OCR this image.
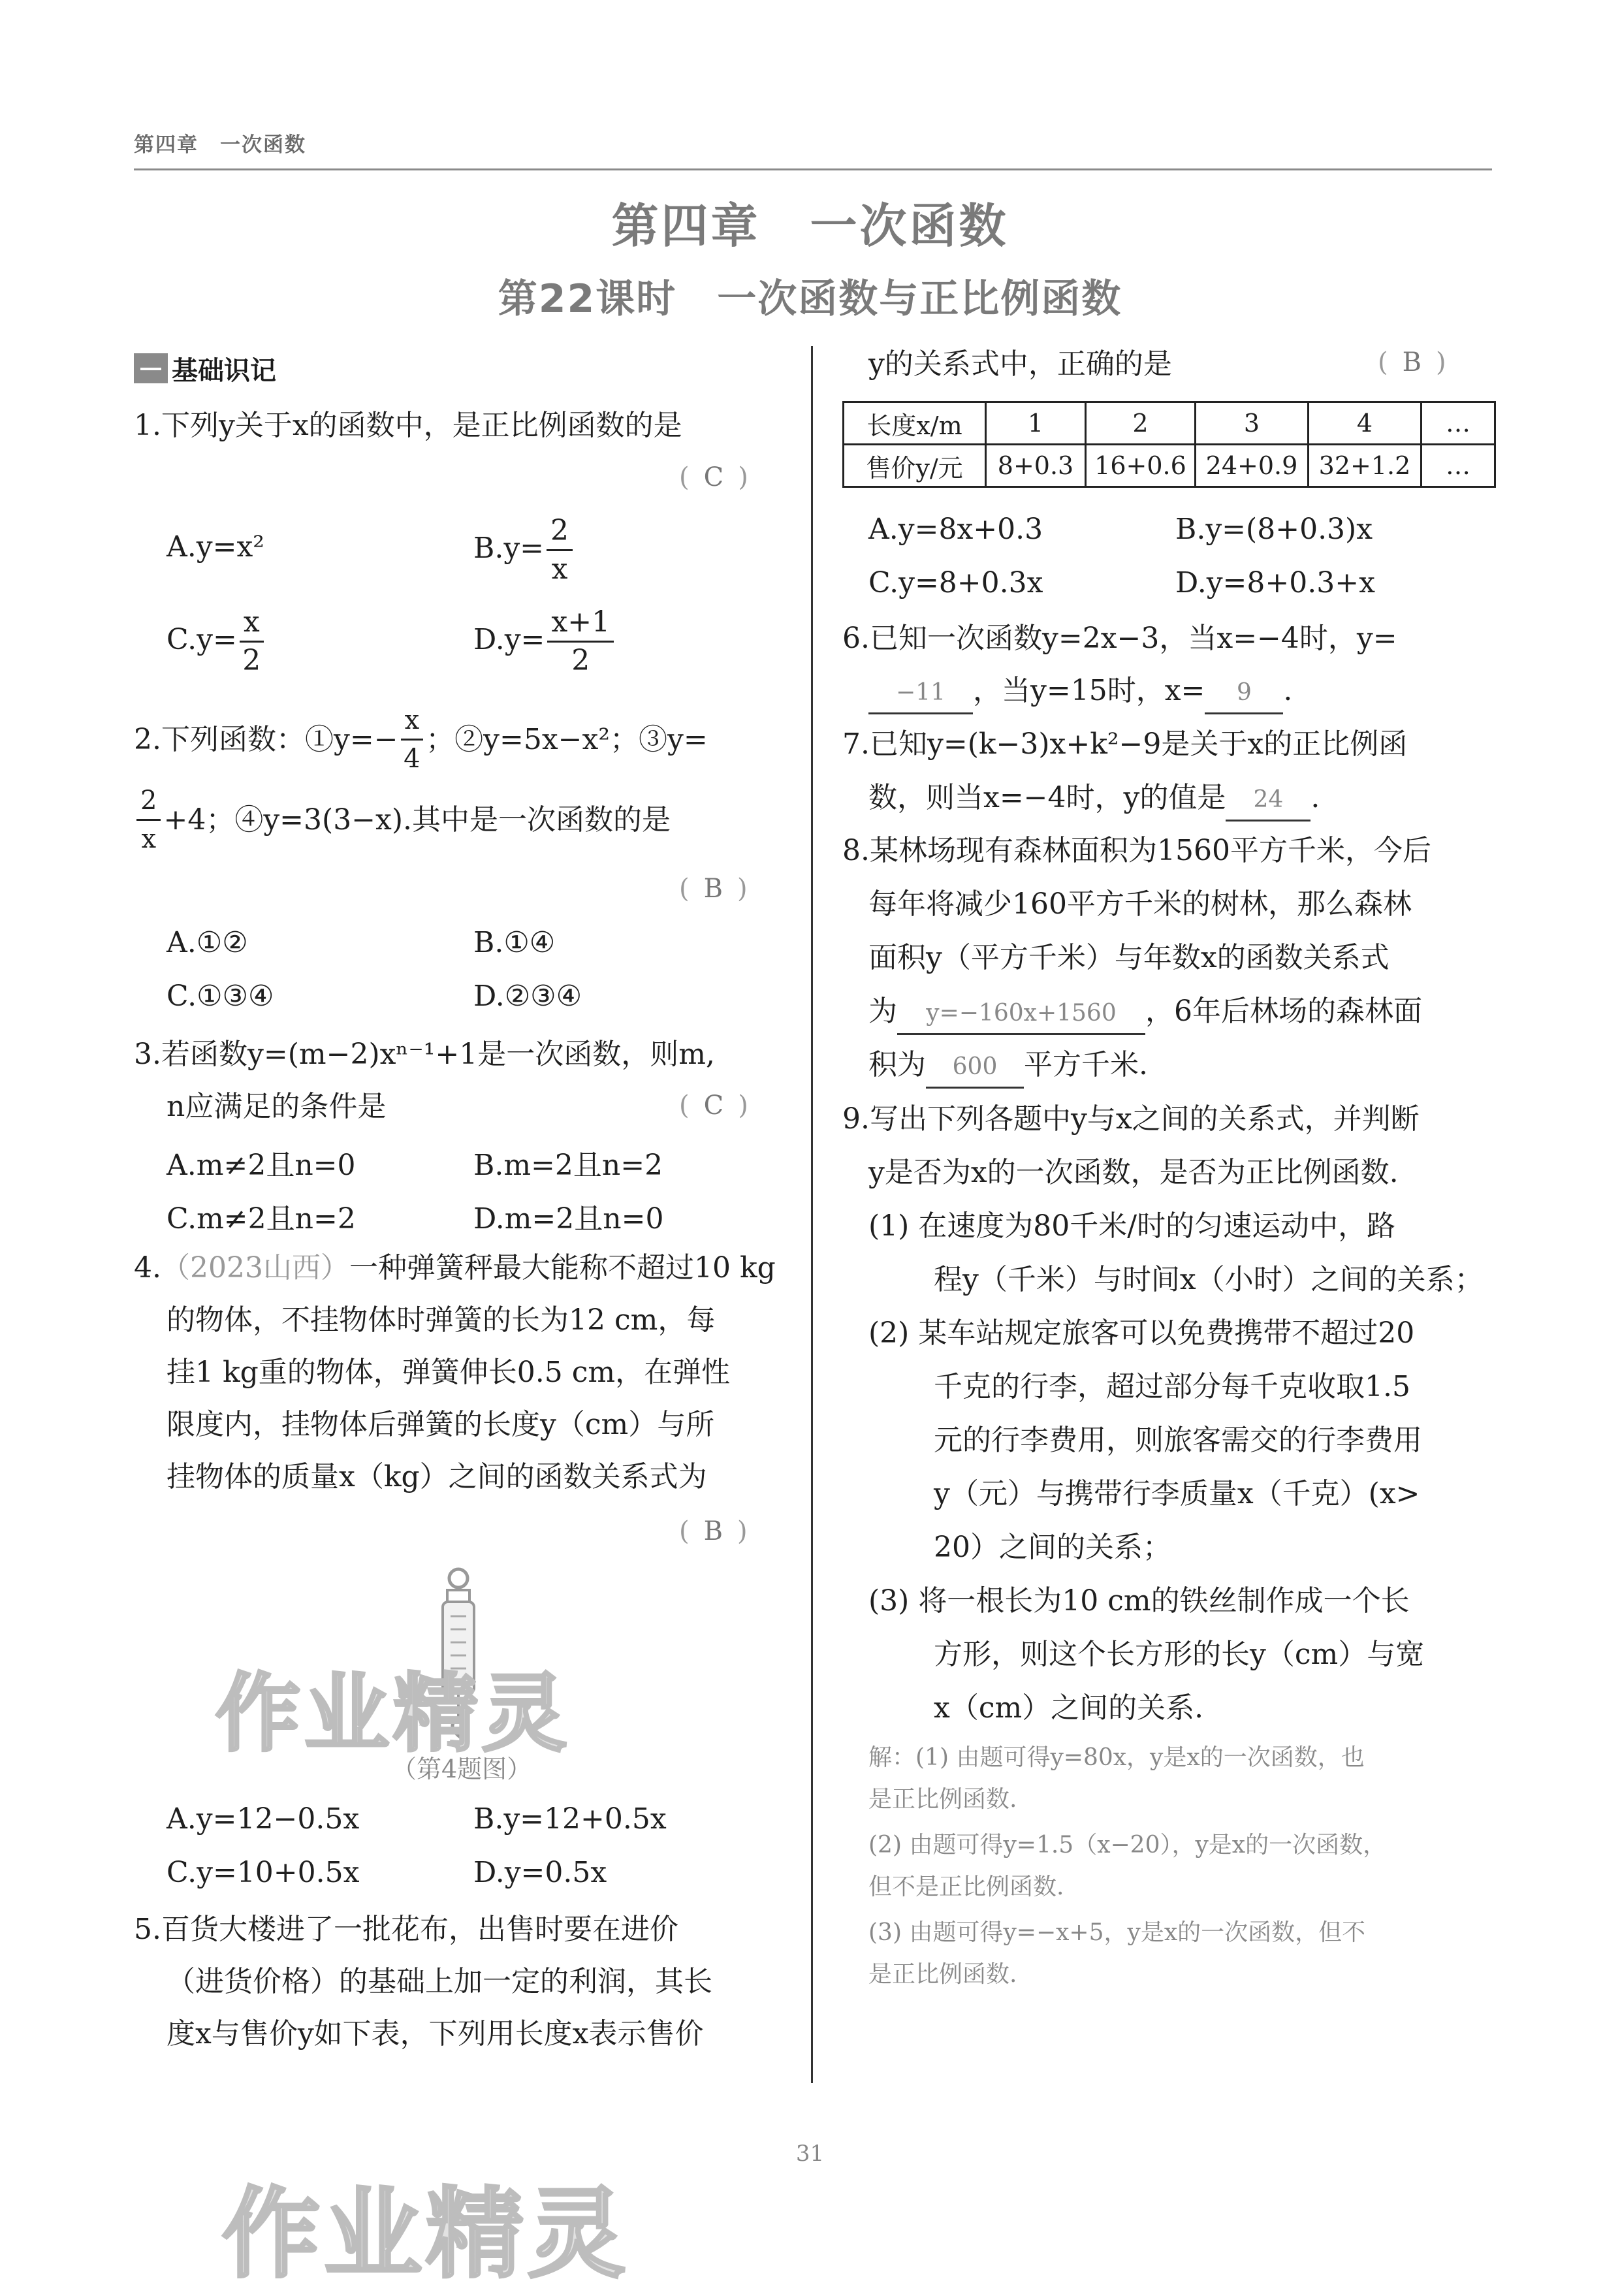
第四章　一次函数
第四章　一次函数
第22课时　一次函数与正比例函数
基础识记
1.下列y关于x的函数中，是正比例函数的是
( C )
A.y=x²	$B.y= \frac{2}{x}$
$C.y= \frac{x}{2}$	$D.y= \frac{x+1}{2}$
2.下列函数：①y=− $\frac{x}{4}$ ；②y=5x−x²；③y=
$\frac{2}{x} +4$；④y=3(3−x).其中是一次函数的是
( B )
A.①②	B.①④
C.①③④	D.②③④
3.若函数y=(m−2)xⁿ⁻¹+1是一次函数，则m,
n应满足的条件是	( C )
A.m≠2且n=0	B.m=2且n=2
C.m≠2且n=2	D.m=2且n=0
4.（2023山西）一种弹簧秤最大能称不超过10 kg
的物体，不挂物体时弹簧的长为12 cm，每
挂1 kg重的物体，弹簧伸长0.5 cm，在弹性
限度内，挂物体后弹簧的长度y（cm）与所
挂物体的质量x（kg）之间的函数关系式为
( B )
作业精灵
（第4题图）
A.y=12−0.5x	B.y=12+0.5x
C.y=10+0.5x	D.y=0.5x
5.百货大楼进了一批花布，出售时要在进价
（进货价格）的基础上加一定的利润，其长
度x与售价y如下表，下列用长度x表示售价
y的关系式中，正确的是	( B )
长度x/m	1	2	3	4	…
售价y/元	8+0.3	16+0.6	24+0.9	32+1.2	…
A.y=8x+0.3	B.y=(8+0.3)x
C.y=8+0.3x	D.y=8+0.3+x
6.已知一次函数y=2x−3，当x=−4时，y=
−11 ，当y=15时，x= 9 .
7.已知y=(k−3)x+k²−9是关于x的正比例函
数，则当x=−4时，y的值是 24 .
8.某林场现有森林面积为1560平方千米，今后
每年将减少160平方千米的树林，那么森林
面积y（平方千米）与年数x的函数关系式
为 y=−160x+1560 ，6年后林场的森林面
积为 600 平方千米.
9.写出下列各题中y与x之间的关系式，并判断
y是否为x的一次函数，是否为正比例函数.
(1) 在速度为80千米/时的匀速运动中，路
程y（千米）与时间x（小时）之间的关系；
(2) 某车站规定旅客可以免费携带不超过20
千克的行李，超过部分每千克收取1.5
元的行李费用，则旅客需交的行李费用
y（元）与携带行李质量x（千克）(x>
20）之间的关系；
(3) 将一根长为10 cm的铁丝制作成一个长
方形，则这个长方形的长y（cm）与宽
x（cm）之间的关系.
解：(1) 由题可得y=80x，y是x的一次函数，也
是正比例函数.
(2) 由题可得y=1.5（x−20），y是x的一次函数，
但不是正比例函数.
(3) 由题可得y=−x+5，y是x的一次函数，但不
是正比例函数.
31
作业精灵
